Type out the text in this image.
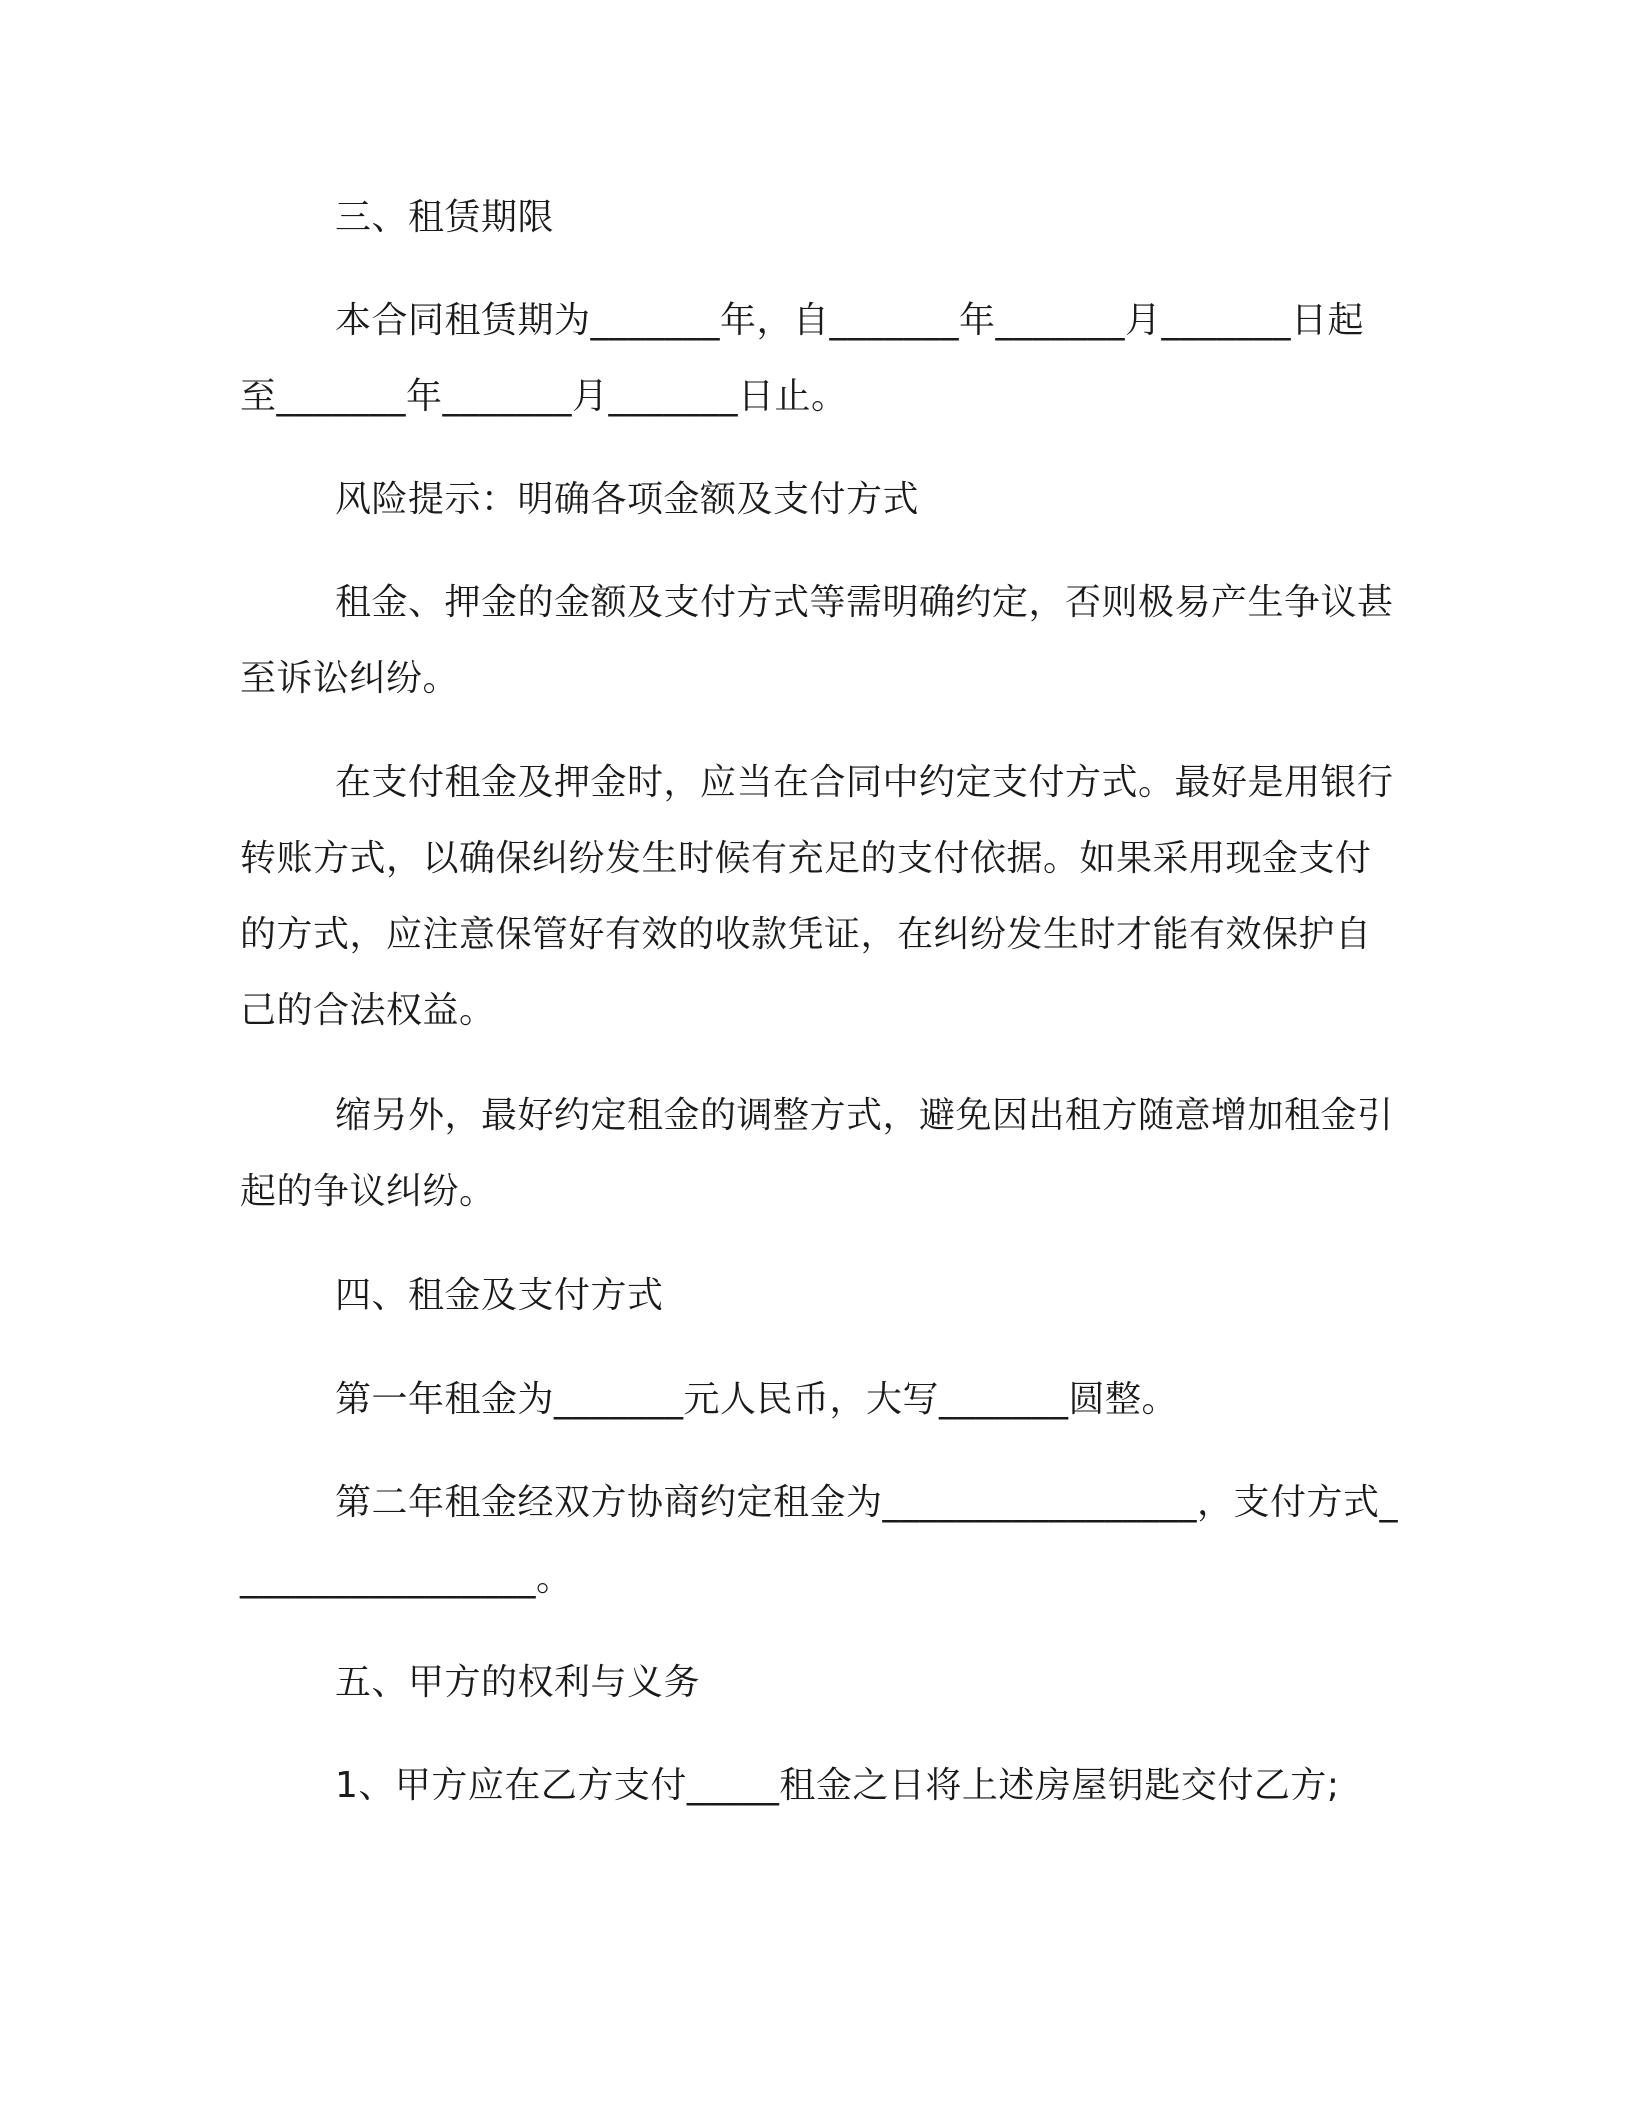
三、租赁期限
本合同租赁期为_______年，自_______年_______月_______日起至_______年_______月_______日止。
风险提示：明确各项金额及支付方式
租金、押金的金额及支付方式等需明确约定，否则极易产生争议甚至诉讼纠纷。
在支付租金及押金时，应当在合同中约定支付方式。最好是用银行转账方式，以确保纠纷发生时候有充足的支付依据。如果采用现金支付的方式，应注意保管好有效的收款凭证，在纠纷发生时才能有效保护自己的合法权益。
缩另外，最好约定租金的调整方式，避免因出租方随意增加租金引起的争议纠纷。
四、租金及支付方式
第一年租金为_______元人民币，大写_______圆整。
第二年租金经双方协商约定租金为_________________，支付方式_________________。
五、甲方的权利与义务
1、甲方应在乙方支付_____租金之日将上述房屋钥匙交付乙方;
